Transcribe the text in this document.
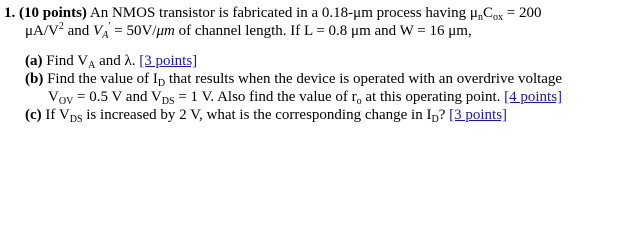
1. (10 points) An NMOS transistor is fabricated in a 0.18-μm process having $\mu_nC_{ox} = 200$
$\mu A/V^2$ and $V_A' = 50V/\mu m$ of channel length. If L = 0.8 μm and W = 16 μm,
(a) Find $V_A$ and λ. [3 points]
(b) Find the value of $I_D$ that results when the device is operated with an overdrive voltage
$V_{OV} = 0.5$ V and $V_{DS} = 1$ V. Also find the value of $r_o$ at this operating point. [4 points]
(c) If $V_{DS}$ is increased by 2 V, what is the corresponding change in $I_D$? [3 points]
